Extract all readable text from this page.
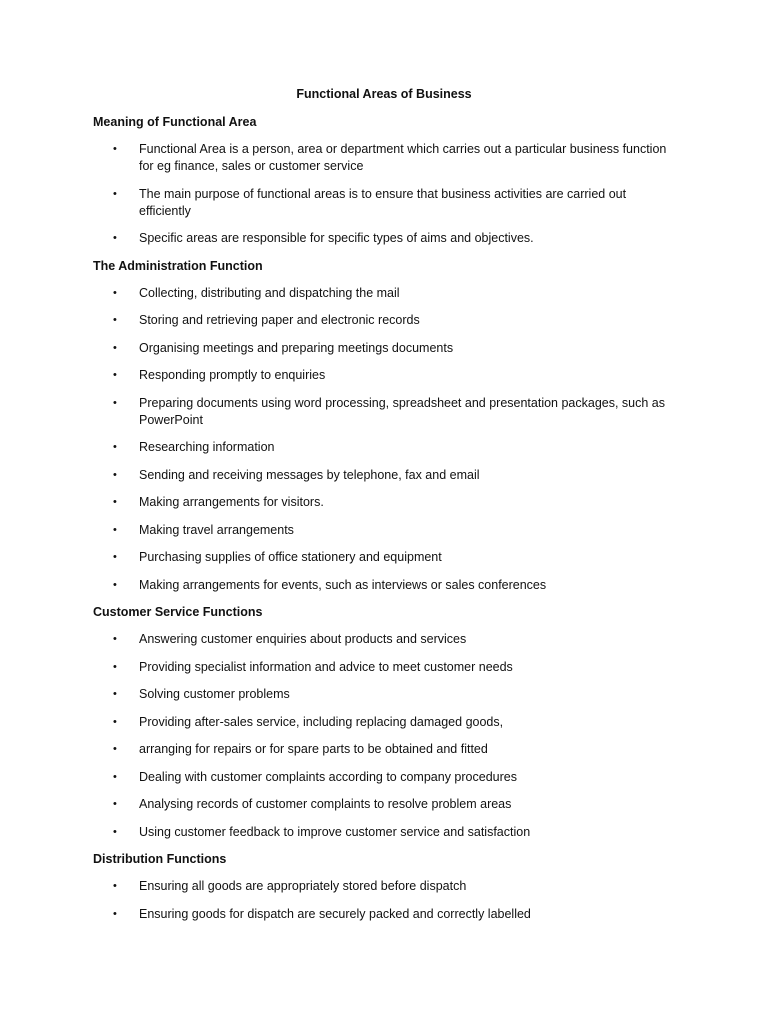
Functional Areas of Business
Meaning of Functional Area
• Functional Area is a person, area or department which carries out a particular business function for eg finance, sales or customer service
• The main purpose of functional areas is to ensure that business activities are carried out efficiently
• Specific areas are responsible for specific types of aims and objectives.
The Administration Function
• Collecting, distributing and dispatching the mail
• Storing and retrieving paper and electronic records
• Organising meetings and preparing meetings documents
• Responding promptly to enquiries
• Preparing documents using word processing, spreadsheet and presentation packages, such as PowerPoint
• Researching information
• Sending and receiving messages by telephone, fax and email
• Making arrangements for visitors.
• Making travel arrangements
• Purchasing supplies of office stationery and equipment
• Making arrangements for events, such as interviews or sales conferences
Customer Service Functions
• Answering customer enquiries about products and services
• Providing specialist information and advice to meet customer needs
• Solving customer problems
• Providing after-sales service, including replacing damaged goods,
• arranging for repairs or for spare parts to be obtained and fitted
• Dealing with customer complaints according to company procedures
• Analysing records of customer complaints to resolve problem areas
• Using customer feedback to improve customer service and satisfaction
Distribution Functions
• Ensuring all goods are appropriately stored before dispatch
• Ensuring goods for dispatch are securely packed and correctly labelled
